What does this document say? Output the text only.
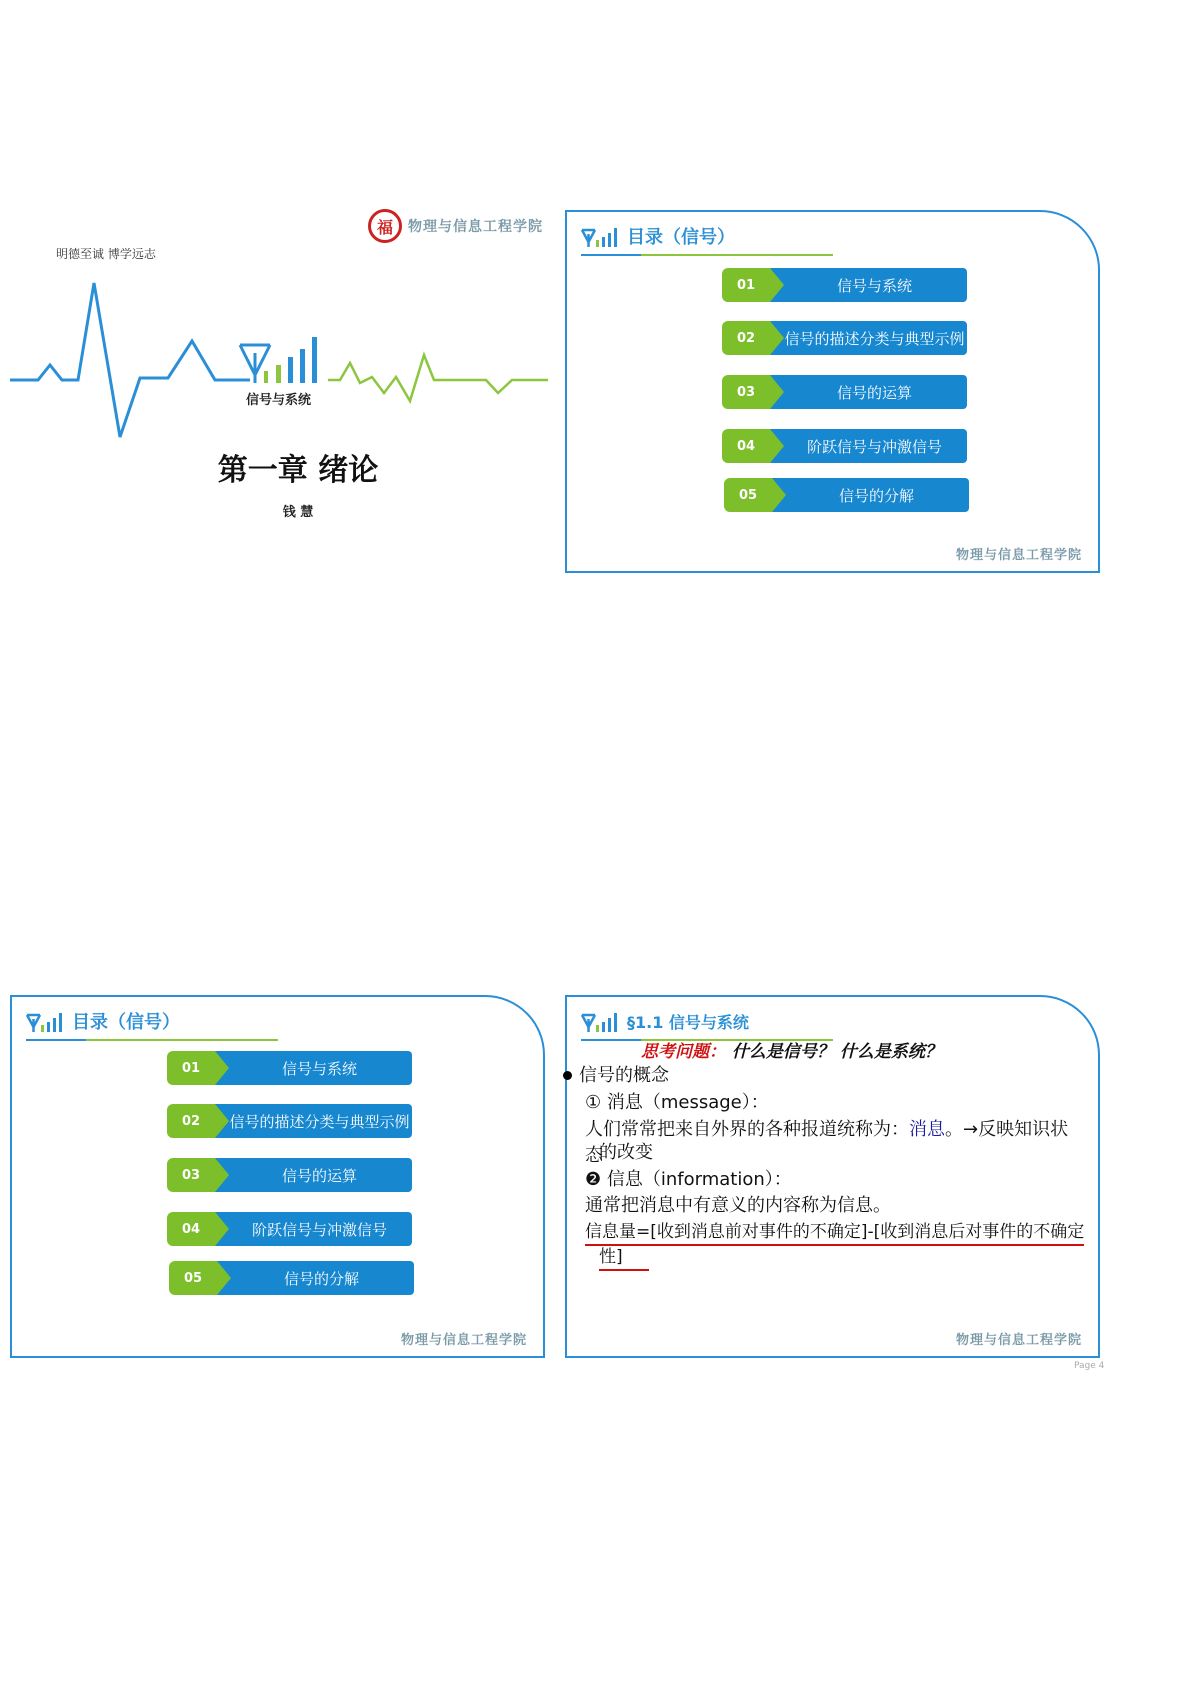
明德至诚 博学远志
福 物理与信息工程学院
信号与系统
第一章 绪论
钱 慧
目录（信号）
01	信号与系统
02	信号的描述分类与典型示例
03	信号的运算
04	阶跃信号与冲激信号
05	信号的分解
物理与信息工程学院
目录（信号）
01	信号与系统
02	信号的描述分类与典型示例
03	信号的运算
04	阶跃信号与冲激信号
05	信号的分解
物理与信息工程学院
§1.1 信号与系统
思考问题： 什么是信号？ 什么是系统？
信号的概念
① 消息（message）：
人们常常把来自外界的各种报道统称为：消息。→反映知识状态
的改变
❷ 信息（information）：
通常把消息中有意义的内容称为信息。
信息量=[收到消息前对事件的不确定]-[收到消息后对事件的不确定
性]
物理与信息工程学院
Page 4
